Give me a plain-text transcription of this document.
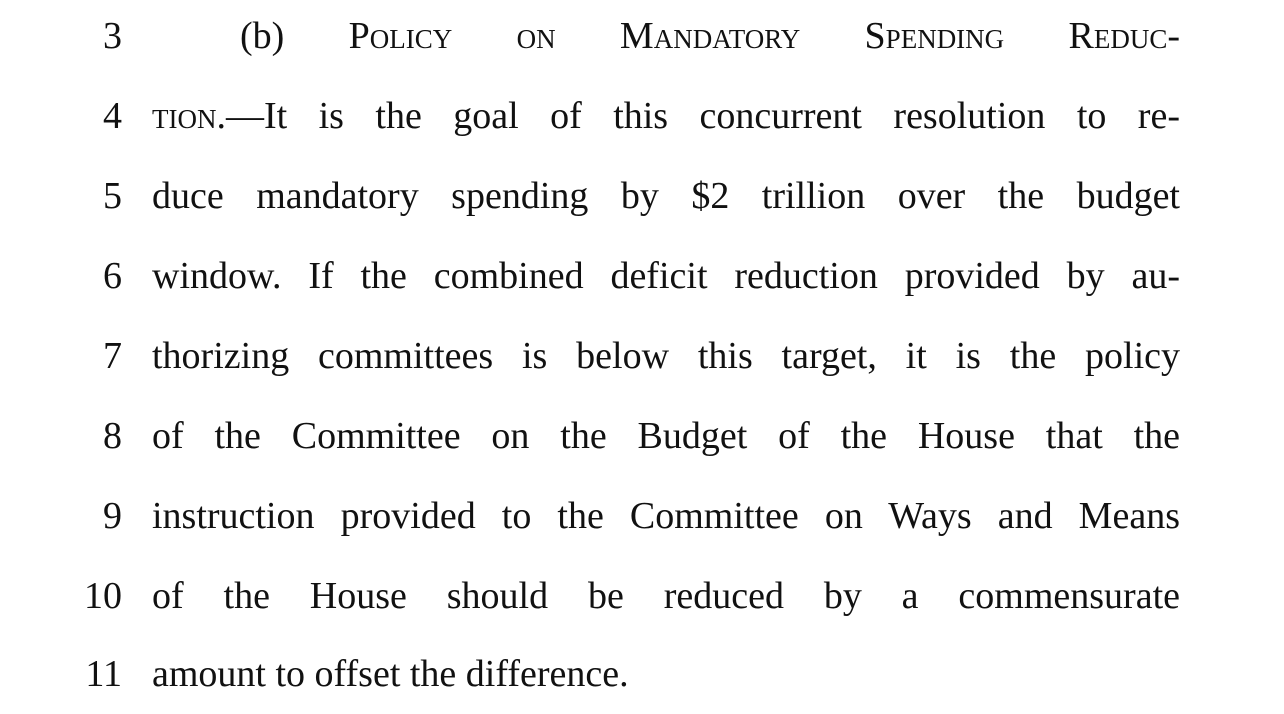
3	(b) Policy on Mandatory Spending Reduc-
4 tion.—It is the goal of this concurrent resolution to re-
5 duce mandatory spending by $2 trillion over the budget
6 window. If the combined deficit reduction provided by au-
7 thorizing committees is below this target, it is the policy
8 of the Committee on the Budget of the House that the
9 instruction provided to the Committee on Ways and Means
10 of the House should be reduced by a commensurate
11 amount to offset the difference.
